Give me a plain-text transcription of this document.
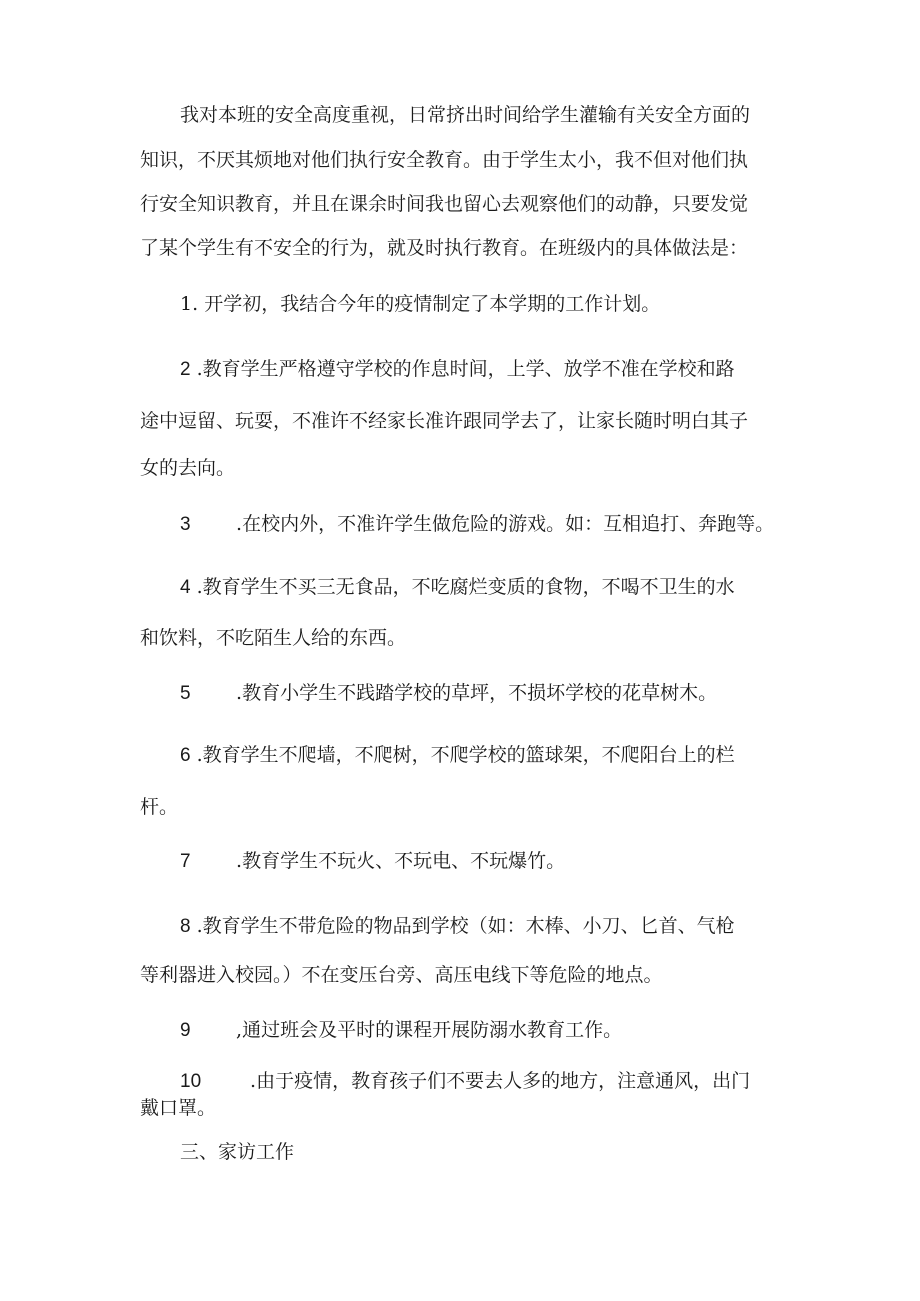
我对本班的安全高度重视，日常挤出时间给学生灌输有关安全方面的
知识，不厌其烦地对他们执行安全教育。由于学生太小，我不但对他们执
行安全知识教育，并且在课余时间我也留心去观察他们的动静，只要发觉
了某个学生有不安全的行为，就及时执行教育。在班级内的具体做法是：
1. 开学初，我结合今年的疫情制定了本学期的工作计划。
2 .教育学生严格遵守学校的作息时间，上学、放学不准在学校和路
途中逗留、玩耍，不准许不经家长准许跟同学去了，让家长随时明白其子
女的去向。
3 .在校内外，不准许学生做危险的游戏。如：互相追打、奔跑等。
4 .教育学生不买三无食品，不吃腐烂变质的食物，不喝不卫生的水
和饮料，不吃陌生人给的东西。
5 .教育小学生不践踏学校的草坪，不损坏学校的花草树木。
6 .教育学生不爬墙，不爬树，不爬学校的篮球架，不爬阳台上的栏
杆。
7 .教育学生不玩火、不玩电、不玩爆竹。
8 .教育学生不带危险的物品到学校（如：木棒、小刀、匕首、气枪
等利器进入校园。）不在变压台旁、高压电线下等危险的地点。
9 ,通过班会及平时的课程开展防溺水教育工作。
10	.由于疫情，教育孩子们不要去人多的地方，注意通风，出门
戴口罩。
三、家访工作
